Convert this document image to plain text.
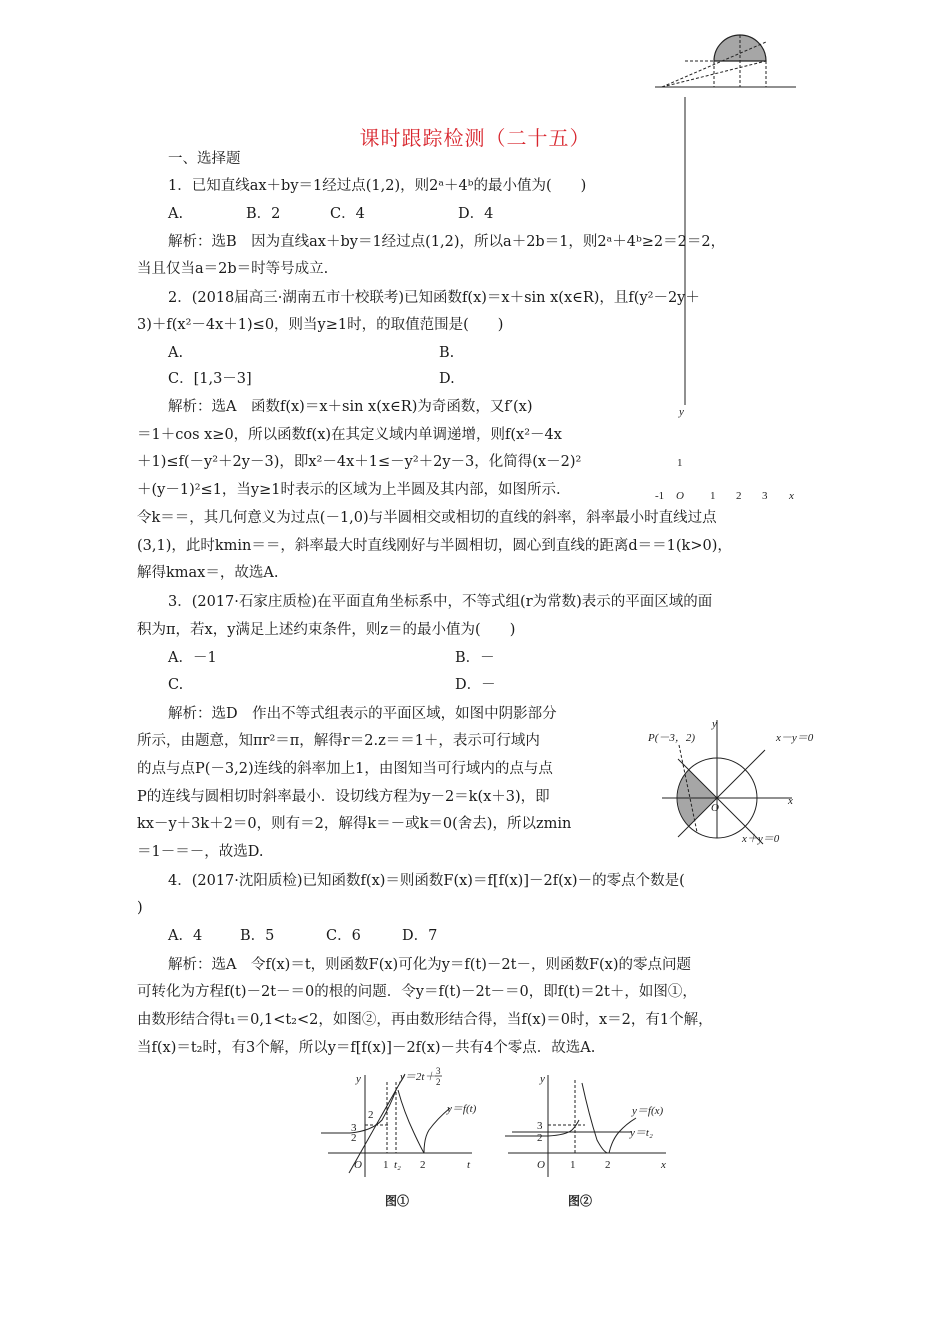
课时跟踪检测（二十五）
一、选择题
1．已知直线ax＋by＝1经过点(1,2)，则2ᵃ＋4ᵇ的最小值为(　　)
A.	B．2	C．4	D．4
解析：选B　因为直线ax＋by＝1经过点(1,2)，所以a＋2b＝1，则2ᵃ＋4ᵇ≥2＝2＝2，
当且仅当a＝2b＝时等号成立.
2．(2018届高三·湖南五市十校联考)已知函数f(x)＝x＋sin x(x∈R)，且f(y²－2y＋
3)＋f(x²－4x＋1)≤0，则当y≥1时，的取值范围是(　　)
A.	B.
C．[1,3－3]	D.
解析：选A　函数f(x)＝x＋sin x(x∈R)为奇函数，又f′(x)
＝1＋cos x≥0，所以函数f(x)在其定义域内单调递增，则f(x²－4x
＋1)≤f(－y²＋2y－3)，即x²－4x＋1≤－y²＋2y－3，化简得(x－2)²
＋(y－1)²≤1，当y≥1时表示的区域为上半圆及其内部，如图所示.
令k＝＝，其几何意义为过点(－1,0)与半圆相交或相切的直线的斜率，斜率最小时直线过点
(3,1)，此时kmin＝＝，斜率最大时直线刚好与半圆相切，圆心到直线的距离d＝＝1(k>0)，
解得kmax＝，故选A.
y
x
O
1
-1	1 2 3
3．(2017·石家庄质检)在平面直角坐标系中，不等式组(r为常数)表示的平面区域的面
积为π，若x，y满足上述约束条件，则z＝的最小值为(　　)
A．－1	B．－
C.	D．－
解析：选D　作出不等式组表示的平面区域，如图中阴影部分
所示，由题意，知πr²＝π，解得r＝2.z＝＝1＋，表示可行域内
的点与点P(－3,2)连线的斜率加上1，由图知当可行域内的点与点
P的连线与圆相切时斜率最小．设切线方程为y－2＝k(x＋3)，即
kx－y＋3k＋2＝0，则有＝2，解得k＝－或k＝0(舍去)，所以zmin
＝1－＝－，故选D.
P(－3，2)	x－y＝0
x＋y＝0
O
y
x
4．(2017·沈阳质检)已知函数f(x)＝则函数F(x)＝f[f(x)]－2f(x)－的零点个数是(
)
A．4	B．5	C．6	D．7
解析：选A　令f(x)＝t，则函数F(x)可化为y＝f(t)－2t－，则函数F(x)的零点问题
可转化为方程f(t)－2t－＝0的根的问题．令y＝f(t)－2t－＝0，即f(t)＝2t＋，如图①，
由数形结合得t₁＝0,1<t₂<2，如图②，再由数形结合得，当f(x)＝0时，x＝2，有1个解，
当f(x)＝t₂时，有3个解，所以y＝f[f(x)]－2f(x)－共有4个零点．故选A.
y
t
O
3
2
2
1 t₂ 2
y＝f(t)
y＝2t＋ 3
2
图①
y
x
O
3
2
1	2
y＝f(x)
y＝t₂
图②
